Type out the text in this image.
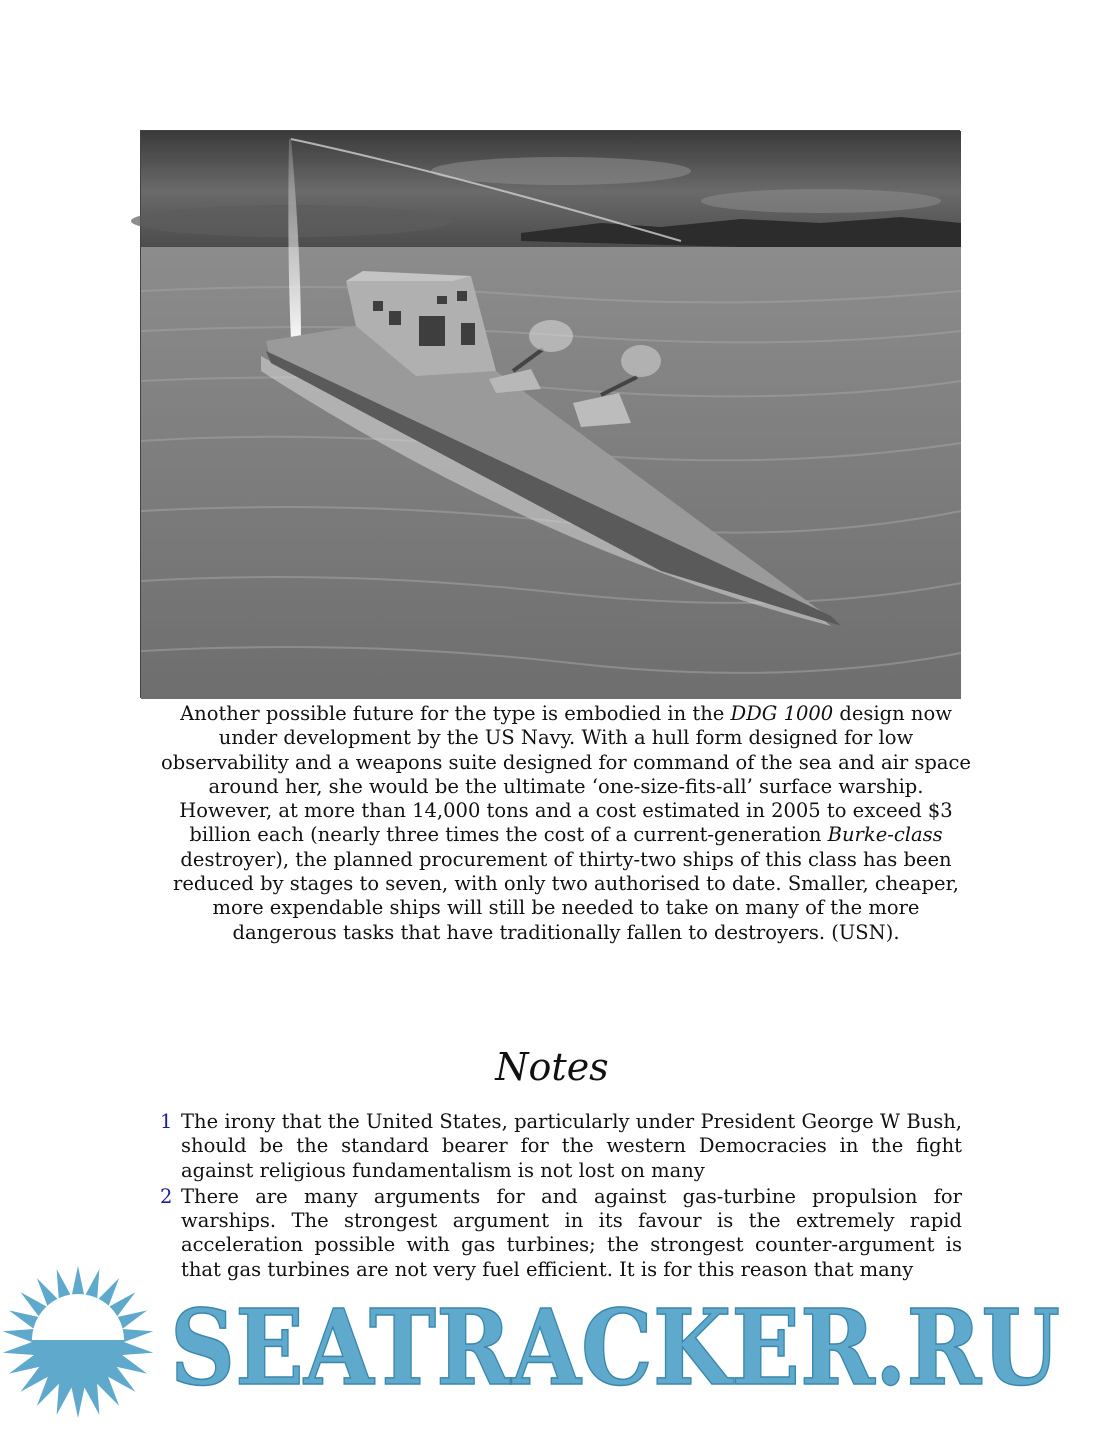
Another possible future for the type is embodied in the DDG 1000 design now under development by the US Navy. With a hull form designed for low observability and a weapons suite designed for command of the sea and air space around her, she would be the ultimate ‘one-size-fits-all’ surface warship. However, at more than 14,000 tons and a cost estimated in 2005 to exceed $3 billion each (nearly three times the cost of a current-generation Burke-class destroyer), the planned procurement of thirty-two ships of this class has been reduced by stages to seven, with only two authorised to date. Smaller, cheaper, more expendable ships will still be needed to take on many of the more dangerous tasks that have traditionally fallen to destroyers. (USN).
Notes
1 The irony that the United States, particularly under President George W Bush, should be the standard bearer for the western Democracies in the fight against religious fundamentalism is not lost on many
2 There are many arguments for and against gas-turbine propulsion for warships. The strongest argument in its favour is the extremely rapid acceleration possible with gas turbines; the strongest counter-argument is that gas turbines are not very fuel efficient. It is for this reason that many
SEATRACKER.RU
